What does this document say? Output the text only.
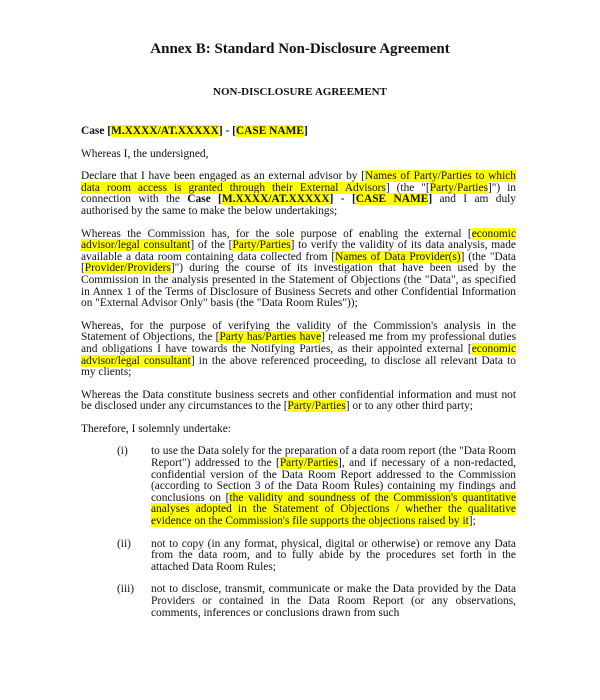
Annex B: Standard Non-Disclosure Agreement
NON-DISCLOSURE AGREEMENT

Case [M.XXXX/AT.XXXXX] - [CASE NAME]

Whereas I, the undersigned,

Declare that I have been engaged as an external advisor by [Names of Party/Parties to which data room access is granted through their External Advisors] (the "[Party/Parties]") in connection with the Case [M.XXXX/AT.XXXXX] - [CASE NAME] and I am duly authorised by the same to make the below undertakings;

Whereas the Commission has, for the sole purpose of enabling the external [economic advisor/legal consultant] of the [Party/Parties] to verify the validity of its data analysis, made available a data room containing data collected from [Names of Data Provider(s)] (the "Data [Provider/Providers]") during the course of its investigation that have been used by the Commission in the analysis presented in the Statement of Objections (the "Data", as specified in Annex 1 of the Terms of Disclosure of Business Secrets and other Confidential Information on "External Advisor Only" basis (the "Data Room Rules"));

Whereas, for the purpose of verifying the validity of the Commission's analysis in the Statement of Objections, the [Party has/Parties have] released me from my professional duties and obligations I have towards the Notifying Parties, as their appointed external [economic advisor/legal consultant] in the above referenced proceeding, to disclose all relevant Data to my clients;

Whereas the Data constitute business secrets and other confidential information and must not be disclosed under any circumstances to the [Party/Parties] or to any other third party;

Therefore, I solemnly undertake:

(i)	to use the Data solely for the preparation of a data room report (the "Data Room Report") addressed to the [Party/Parties], and if necessary of a non-redacted, confidential version of the Data Room Report addressed to the Commission (according to Section 3 of the Data Room Rules) containing my findings and conclusions on [the validity and soundness of the Commission's quantitative analyses adopted in the Statement of Objections / whether the qualitative evidence on the Commission's file supports the objections raised by it];
(ii)	not to copy (in any format, physical, digital or otherwise) or remove any Data from the data room, and to fully abide by the procedures set forth in the attached Data Room Rules;
(iii)	not to disclose, transmit, communicate or make the Data provided by the Data Providers or contained in the Data Room Report (or any observations, comments, inferences or conclusions drawn from such
